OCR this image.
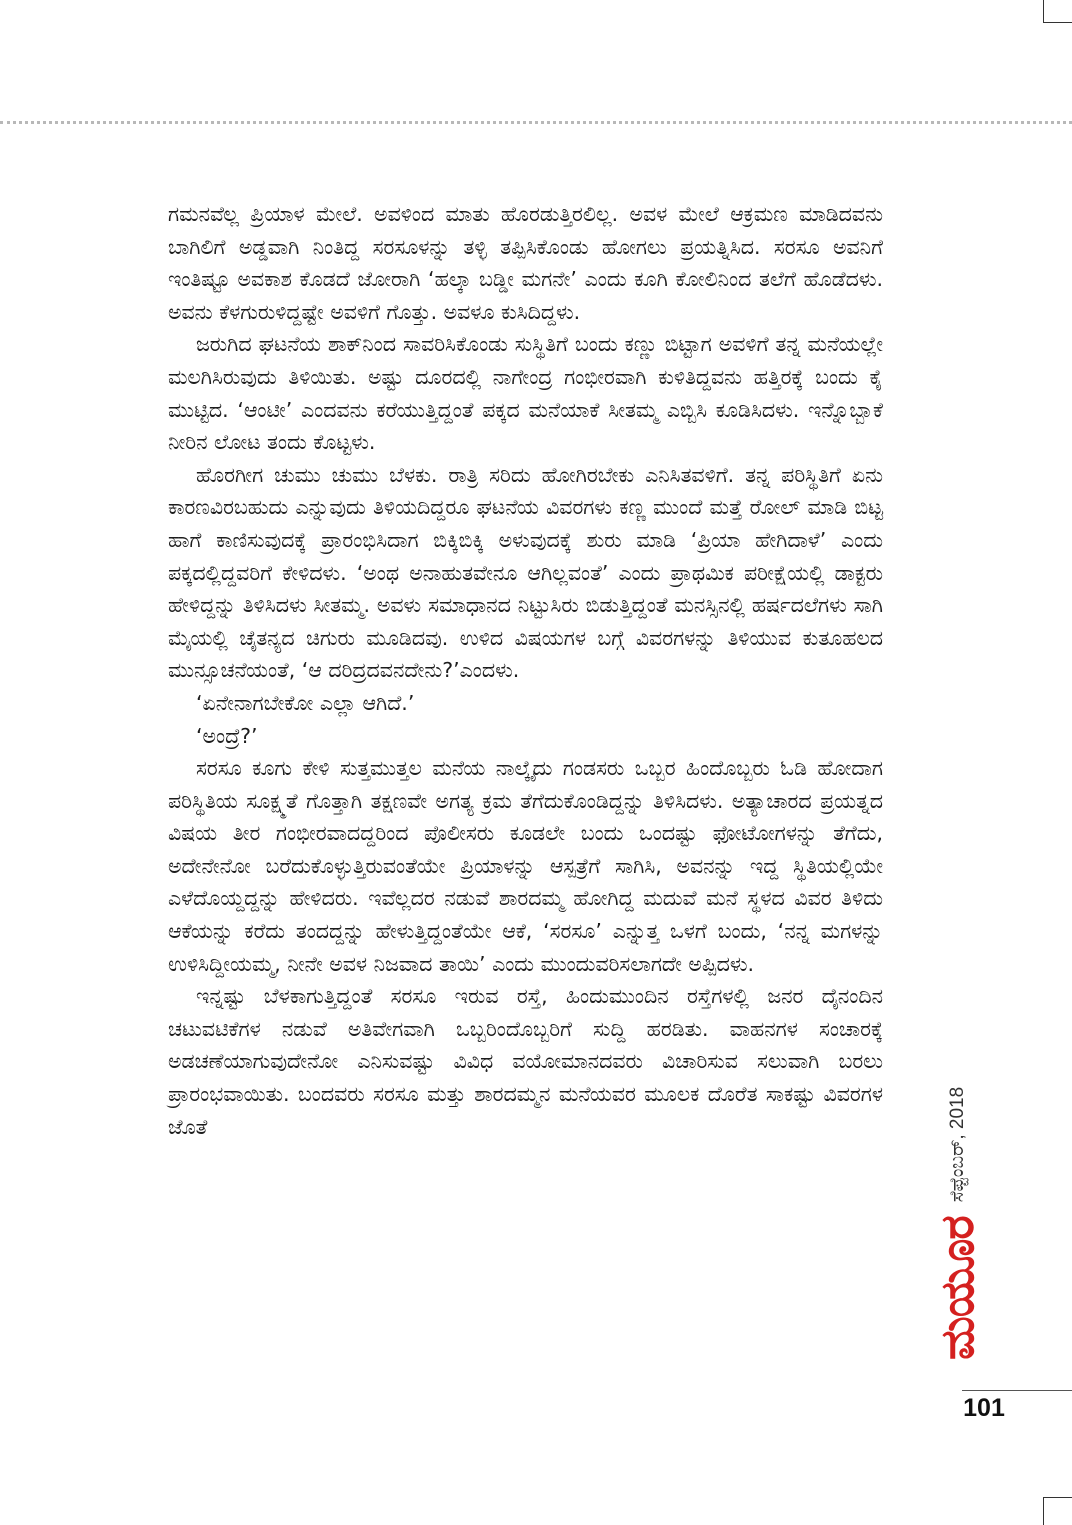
ಗಮನವೆಲ್ಲ ಪ್ರಿಯಾಳ ಮೇಲೆ. ಅವಳಿಂದ ಮಾತು ಹೊರಡುತ್ತಿರಲಿಲ್ಲ. ಅವಳ ಮೇಲೆ ಆಕ್ರಮಣ ಮಾಡಿದವನು ಬಾಗಿಲಿಗೆ ಅಡ್ಡವಾಗಿ ನಿಂತಿದ್ದ ಸರಸೂಳನ್ನು ತಳ್ಳಿ ತಪ್ಪಿಸಿಕೊಂಡು ಹೋಗಲು ಪ್ರಯತ್ನಿಸಿದ. ಸರಸೂ ಅವನಿಗೆ ಇಂತಿಷ್ಟೂ ಅವಕಾಶ ಕೊಡದೆ ಜೋರಾಗಿ ‘ಹಲ್ಕಾ ಬಡ್ಡೀ ಮಗನೇ’ ಎಂದು ಕೂಗಿ ಕೋಲಿನಿಂದ ತಲೆಗೆ ಹೊಡೆದಳು. ಅವನು ಕೆಳಗುರುಳಿದ್ದಷ್ಟೇ ಅವಳಿಗೆ ಗೊತ್ತು. ಅವಳೂ ಕುಸಿದಿದ್ದಳು.

ಜರುಗಿದ ಘಟನೆಯ ಶಾಕ್‌ನಿಂದ ಸಾವರಿಸಿಕೊಂಡು ಸುಸ್ಥಿತಿಗೆ ಬಂದು ಕಣ್ಣು ಬಿಟ್ಟಾಗ ಅವಳಿಗೆ ತನ್ನ ಮನೆಯಲ್ಲೇ ಮಲಗಿಸಿರುವುದು ತಿಳಿಯಿತು. ಅಷ್ಟು ದೂರದಲ್ಲಿ ನಾಗೇಂದ್ರ ಗಂಭೀರವಾಗಿ ಕುಳಿತಿದ್ದವನು ಹತ್ತಿರಕ್ಕೆ ಬಂದು ಕೈ ಮುಟ್ಟಿದ. ‘ಆಂಟೀ’ ಎಂದವನು ಕರೆಯುತ್ತಿದ್ದಂತೆ ಪಕ್ಕದ ಮನೆಯಾಕೆ ಸೀತಮ್ಮ ಎಬ್ಬಿಸಿ ಕೂಡಿಸಿದಳು. ಇನ್ನೊಬ್ಬಾಕೆ ನೀರಿನ ಲೋಟ ತಂದು ಕೊಟ್ಟಳು.

ಹೊರಗೀಗ ಚುಮು ಚುಮು ಬೆಳಕು. ರಾತ್ರಿ ಸರಿದು ಹೋಗಿರಬೇಕು ಎನಿಸಿತವಳಿಗೆ. ತನ್ನ ಪರಿಸ್ಥಿತಿಗೆ ಏನು ಕಾರಣವಿರಬಹುದು ಎನ್ನುವುದು ತಿಳಿಯದಿದ್ದರೂ ಘಟನೆಯ ವಿವರಗಳು ಕಣ್ಣ ಮುಂದೆ ಮತ್ತೆ ರೋಲ್ ಮಾಡಿ ಬಿಟ್ಟ ಹಾಗೆ ಕಾಣಿಸುವುದಕ್ಕೆ ಪ್ರಾರಂಭಿಸಿದಾಗ ಬಿಕ್ಕಿಬಿಕ್ಕಿ ಅಳುವುದಕ್ಕೆ ಶುರು ಮಾಡಿ ‘ಪ್ರಿಯಾ ಹೇಗಿದಾಳೆ’ ಎಂದು ಪಕ್ಕದಲ್ಲಿದ್ದವರಿಗೆ ಕೇಳಿದಳು. ‘ಅಂಥ ಅನಾಹುತವೇನೂ ಆಗಿಲ್ಲವಂತೆ’ ಎಂದು ಪ್ರಾಥಮಿಕ ಪರೀಕ್ಷೆಯಲ್ಲಿ ಡಾಕ್ಟರು ಹೇಳಿದ್ದನ್ನು ತಿಳಿಸಿದಳು ಸೀತಮ್ಮ. ಅವಳು ಸಮಾಧಾನದ ನಿಟ್ಟುಸಿರು ಬಿಡುತ್ತಿದ್ದಂತೆ ಮನಸ್ಸಿನಲ್ಲಿ ಹರ್ಷದಲೆಗಳು ಸಾಗಿ ಮೈಯಲ್ಲಿ ಚೈತನ್ಯದ ಚಿಗುರು ಮೂಡಿದವು. ಉಳಿದ ವಿಷಯಗಳ ಬಗ್ಗೆ ವಿವರಗಳನ್ನು ತಿಳಿಯುವ ಕುತೂಹಲದ ಮುನ್ಸೂಚನೆಯಂತೆ, ‘ಆ ದರಿದ್ರದವನದೇನು?’ಎಂದಳು.

‘ಏನೇನಾಗಬೇಕೋ ಎಲ್ಲಾ ಆಗಿದೆ.’

‘ಅಂದ್ರೆ?’

ಸರಸೂ ಕೂಗು ಕೇಳಿ ಸುತ್ತಮುತ್ತಲ ಮನೆಯ ನಾಲ್ಕೈದು ಗಂಡಸರು ಒಬ್ಬರ ಹಿಂದೊಬ್ಬರು ಓಡಿ ಹೋದಾಗ ಪರಿಸ್ಥಿತಿಯ ಸೂಕ್ಷ್ಮತೆ ಗೊತ್ತಾಗಿ ತಕ್ಷಣವೇ ಅಗತ್ಯ ಕ್ರಮ ತೆಗೆದುಕೊಂಡಿದ್ದನ್ನು ತಿಳಿಸಿದಳು. ಅತ್ಯಾಚಾರದ ಪ್ರಯತ್ನದ ವಿಷಯ ತೀರ ಗಂಭೀರವಾದದ್ದರಿಂದ ಪೊಲೀಸರು ಕೂಡಲೇ ಬಂದು ಒಂದಷ್ಟು ಫೋಟೋಗಳನ್ನು ತೆಗೆದು, ಅದೇನೇನೋ ಬರೆದುಕೊಳ್ಳುತ್ತಿರುವಂತೆಯೇ ಪ್ರಿಯಾಳನ್ನು ಆಸ್ಪತ್ರೆಗೆ ಸಾಗಿಸಿ, ಅವನನ್ನು ಇದ್ದ ಸ್ಥಿತಿಯಲ್ಲಿಯೇ ಎಳೆದೊಯ್ದದ್ದನ್ನು ಹೇಳಿದರು. ಇವೆಲ್ಲದರ ನಡುವೆ ಶಾರದಮ್ಮ ಹೋಗಿದ್ದ ಮದುವೆ ಮನೆ ಸ್ಥಳದ ವಿವರ ತಿಳಿದು ಆಕೆಯನ್ನು ಕರೆದು ತಂದದ್ದನ್ನು ಹೇಳುತ್ತಿದ್ದಂತೆಯೇ ಆಕೆ, ‘ಸರಸೂ’ ಎನ್ನುತ್ತ ಒಳಗೆ ಬಂದು, ‘ನನ್ನ ಮಗಳನ್ನು ಉಳಿಸಿದ್ದೀಯಮ್ಮ, ನೀನೇ ಅವಳ ನಿಜವಾದ ತಾಯಿ’ ಎಂದು ಮುಂದುವರಿಸಲಾಗದೇ ಅಪ್ಪಿದಳು.

ಇನ್ನಷ್ಟು ಬೆಳಕಾಗುತ್ತಿದ್ದಂತೆ ಸರಸೂ ಇರುವ ರಸ್ತೆ, ಹಿಂದುಮುಂದಿನ ರಸ್ತೆಗಳಲ್ಲಿ ಜನರ ದೈನಂದಿನ ಚಟುವಟಿಕೆಗಳ ನಡುವೆ ಅತಿವೇಗವಾಗಿ ಒಬ್ಬರಿಂದೊಬ್ಬರಿಗೆ ಸುದ್ದಿ ಹರಡಿತು. ವಾಹನಗಳ ಸಂಚಾರಕ್ಕೆ ಅಡಚಣೆಯಾಗುವುದೇನೋ ಎನಿಸುವಷ್ಟು ವಿವಿಧ ವಯೋಮಾನದವರು ವಿಚಾರಿಸುವ ಸಲುವಾಗಿ ಬರಲು ಪ್ರಾರಂಭವಾಯಿತು. ಬಂದವರು ಸರಸೂ ಮತ್ತು ಶಾರದಮ್ಮನ ಮನೆಯವರ ಮೂಲಕ ದೊರೆತ ಸಾಕಷ್ಟು ವಿವರಗಳ ಜೊತೆ

ಮಯೂರ
ಸೆಪ್ಟೆಂಬರ್, 2018
101
